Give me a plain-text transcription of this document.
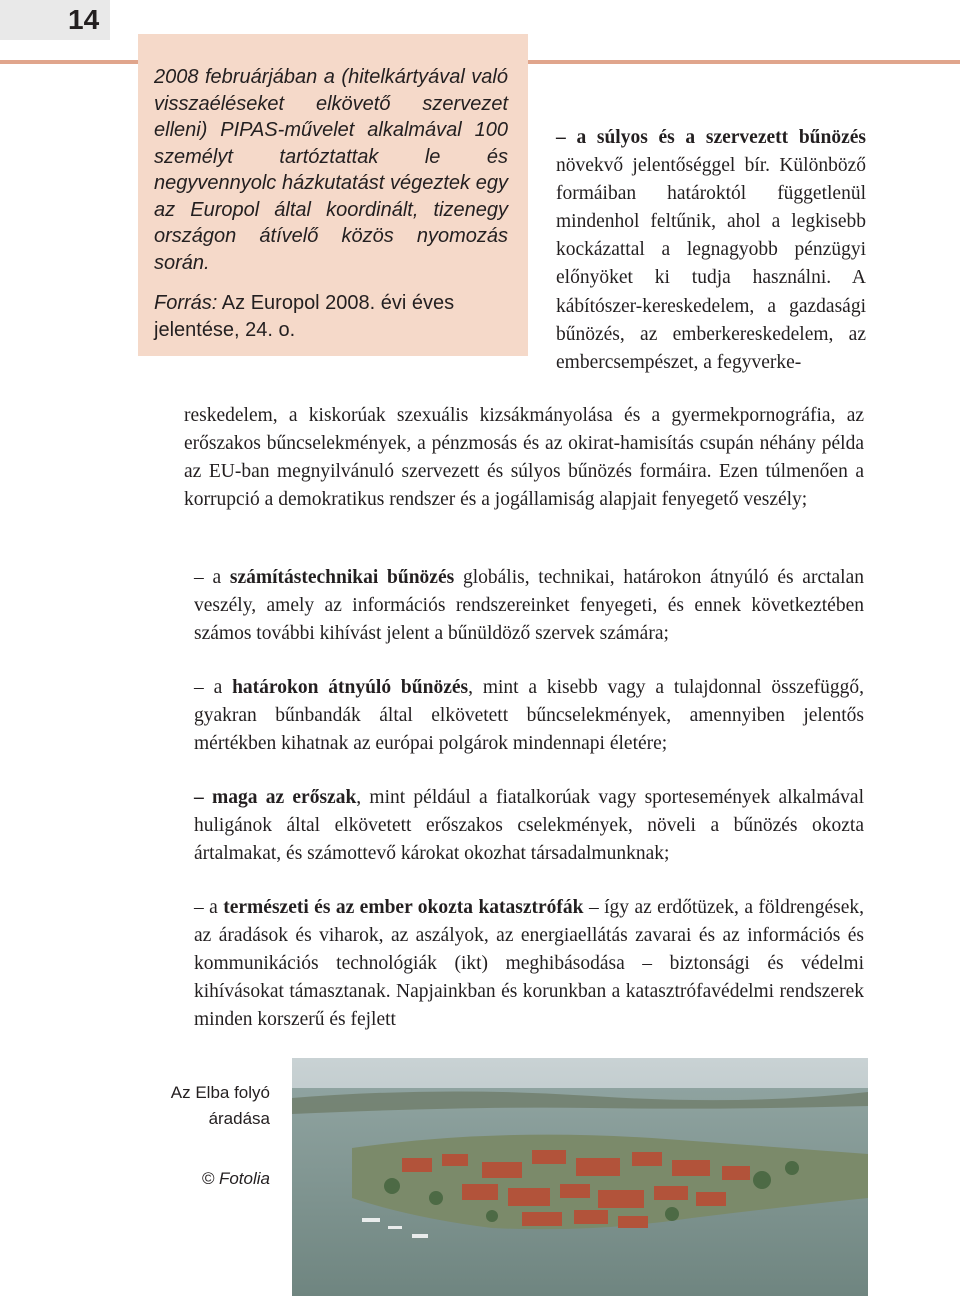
14

2008 februárjában a (hitelkártyával való visszaéléseket elkövető szervezet elleni) PIPAS-művelet alkalmával 100 személyt tartóztattak le és negyvennyolc házkutatást végeztek egy az Europol által koordinált, tizenegy országon átívelő közös nyomozás során.

Forrás: Az Europol 2008. évi éves jelentése, 24. o.

– a súlyos és a szervezett bűnözés növekvő jelentőséggel bír. Különböző formáiban határoktól függetlenül mindenhol feltűnik, ahol a legkisebb kockázattal a legnagyobb pénzügyi előnyöket ki tudja használni. A kábítószer-kereskedelem, a gazdasági bűnözés, az emberkereskedelem, az embercsempészet, a fegyverke-

reskedelem, a kiskorúak szexuális kizsákmányolása és a gyermekpornográfia, az erőszakos bűncselekmények, a pénzmosás és az okirat-hamisítás csupán néhány példa az EU-ban megnyilvánuló szervezett és súlyos bűnözés formáira. Ezen túlmenően a korrupció a demokratikus rendszer és a jogállamiság alapjait fenyegető veszély;

– a számítástechnikai bűnözés globális, technikai, határokon átnyúló és arctalan veszély, amely az információs rendszereinket fenyegeti, és ennek következtében számos további kihívást jelent a bűnüldöző szervek számára;

– a határokon átnyúló bűnözés, mint a kisebb vagy a tulajdonnal összefüggő, gyakran bűnbandák által elkövetett bűncselekmények, amennyiben jelentős mértékben kihatnak az európai polgárok mindennapi életére;

– maga az erőszak, mint például a fiatalkorúak vagy sportesemények alkalmával huligánok által elkövetett erőszakos cselekmények, növeli a bűnözés okozta ártalmakat, és számottevő károkat okozhat társadalmunknak;

– a természeti és az ember okozta katasztrófák – így az erdőtüzek, a földrengések, az áradások és viharok, az aszályok, az energiaellátás zavarai és az információs és kommunikációs technológiák (ikt) meghibásodása – biztonsági és védelmi kihívásokat támasztanak. Napjainkban és korunkban a katasztrófavédelmi rendszerek minden korszerű és fejlett

Az Elba folyó áradása
© Fotolia
